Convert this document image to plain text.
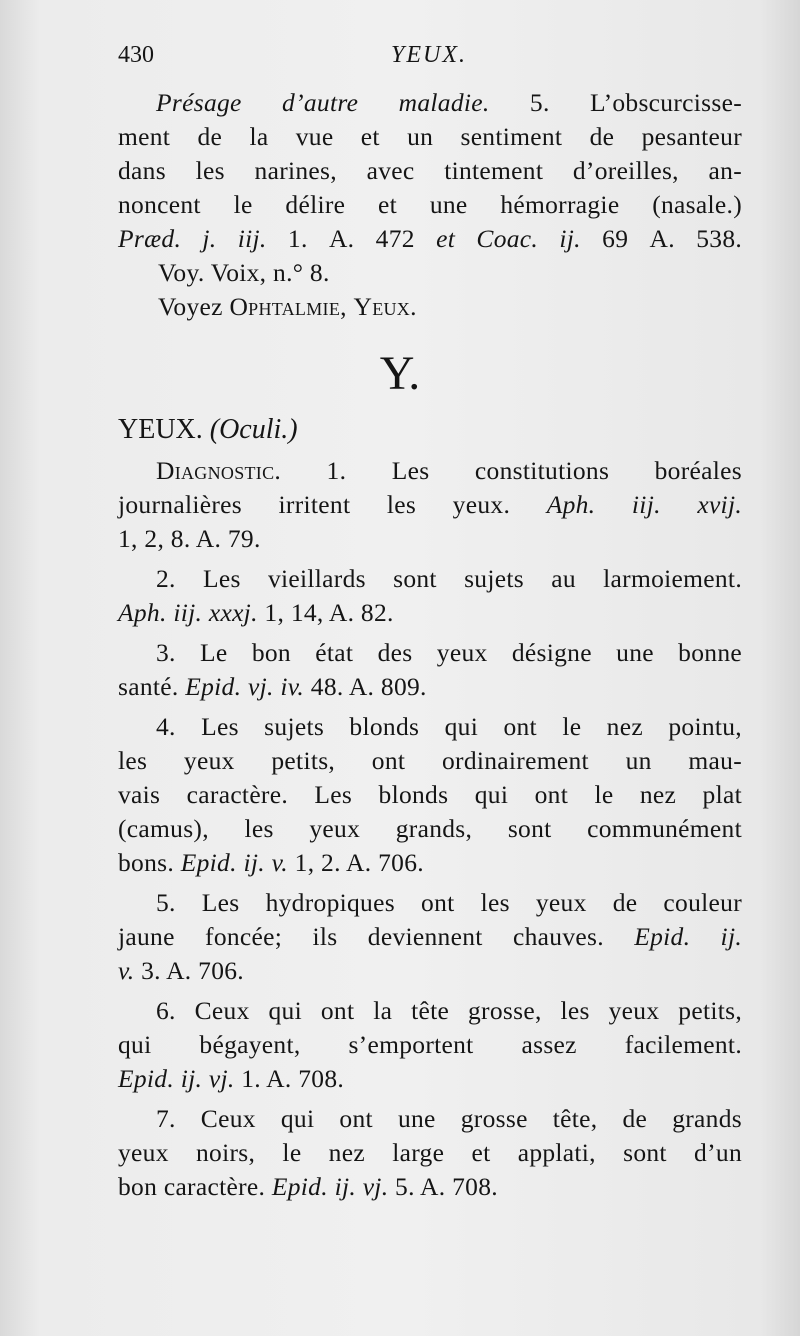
430	YEUX.
Présage d’autre maladie. 5. L’obscurcisse-
ment de la vue et un sentiment de pesanteur
dans les narines, avec tintement d’oreilles, an-
noncent le délire et une hémorragie (nasale.)
Præd. j. iij. 1. A. 472 et Coac. ij. 69 A. 538.
Voy. Voix, n.° 8.
Voyez Ophtalmie, Yeux.
Y.
YEUX. (Oculi.)
Diagnostic. 1. Les constitutions boréales
journalières irritent les yeux. Aph. iij. xvij.
1, 2, 8. A. 79.
2. Les vieillards sont sujets au larmoiement.
Aph. iij. xxxj. 1, 14, A. 82.
3. Le bon état des yeux désigne une bonne
santé. Epid. vj. iv. 48. A. 809.
4. Les sujets blonds qui ont le nez pointu,
les yeux petits, ont ordinairement un mau-
vais caractère. Les blonds qui ont le nez plat
(camus), les yeux grands, sont communément
bons. Epid. ij. v. 1, 2. A. 706.
5. Les hydropiques ont les yeux de couleur
jaune foncée; ils deviennent chauves. Epid. ij.
v. 3. A. 706.
6. Ceux qui ont la tête grosse, les yeux petits,
qui bégayent, s’emportent assez facilement.
Epid. ij. vj. 1. A. 708.
7. Ceux qui ont une grosse tête, de grands
yeux noirs, le nez large et applati, sont d’un
bon caractère. Epid. ij. vj. 5. A. 708.
